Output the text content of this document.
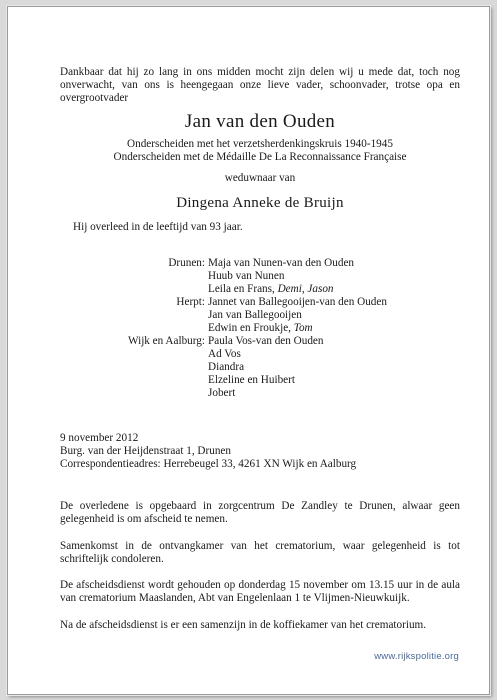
Dankbaar dat hij zo lang in ons midden mocht zijn delen wij u mede dat, toch nog onverwacht, van ons is heengegaan onze lieve vader, schoonvader, trotse opa en overgrootvader

Jan van den Ouden

Onderscheiden met het verzetsherdenkingskruis 1940-1945

Onderscheiden met de Médaille De La Reconnaissance Française

weduwnaar van

Dingena Anneke de Bruijn

Hij overleed in de leeftijd van 93 jaar.

Drunen: Maja van Nunen-van den Ouden
Huub van Nunen
Leila en Frans, Demi, Jason
Herpt: Jannet van Ballegooijen-van den Ouden
Jan van Ballegooijen
Edwin en Froukje, Tom
Wijk en Aalburg: Paula Vos-van den Ouden
Ad Vos
Diandra
Elzeline en Huibert
Jobert

9 november 2012

Burg. van der Heijdenstraat 1, Drunen

Correspondentieadres: Herrebeugel 33, 4261 XN Wijk en Aalburg

De overledene is opgebaard in zorgcentrum De Zandley te Drunen, alwaar geen gelegenheid is om afscheid te nemen.

Samenkomst in de ontvangkamer van het crematorium, waar gelegenheid is tot schriftelijk condoleren.

De afscheidsdienst wordt gehouden op donderdag 15 november om 13.15 uur in de aula van crematorium Maaslanden, Abt van Engelenlaan 1 te Vlijmen-Nieuwkuijk.

Na de afscheidsdienst is er een samenzijn in de koffiekamer van het crematorium.

www.rijkspolitie.org
